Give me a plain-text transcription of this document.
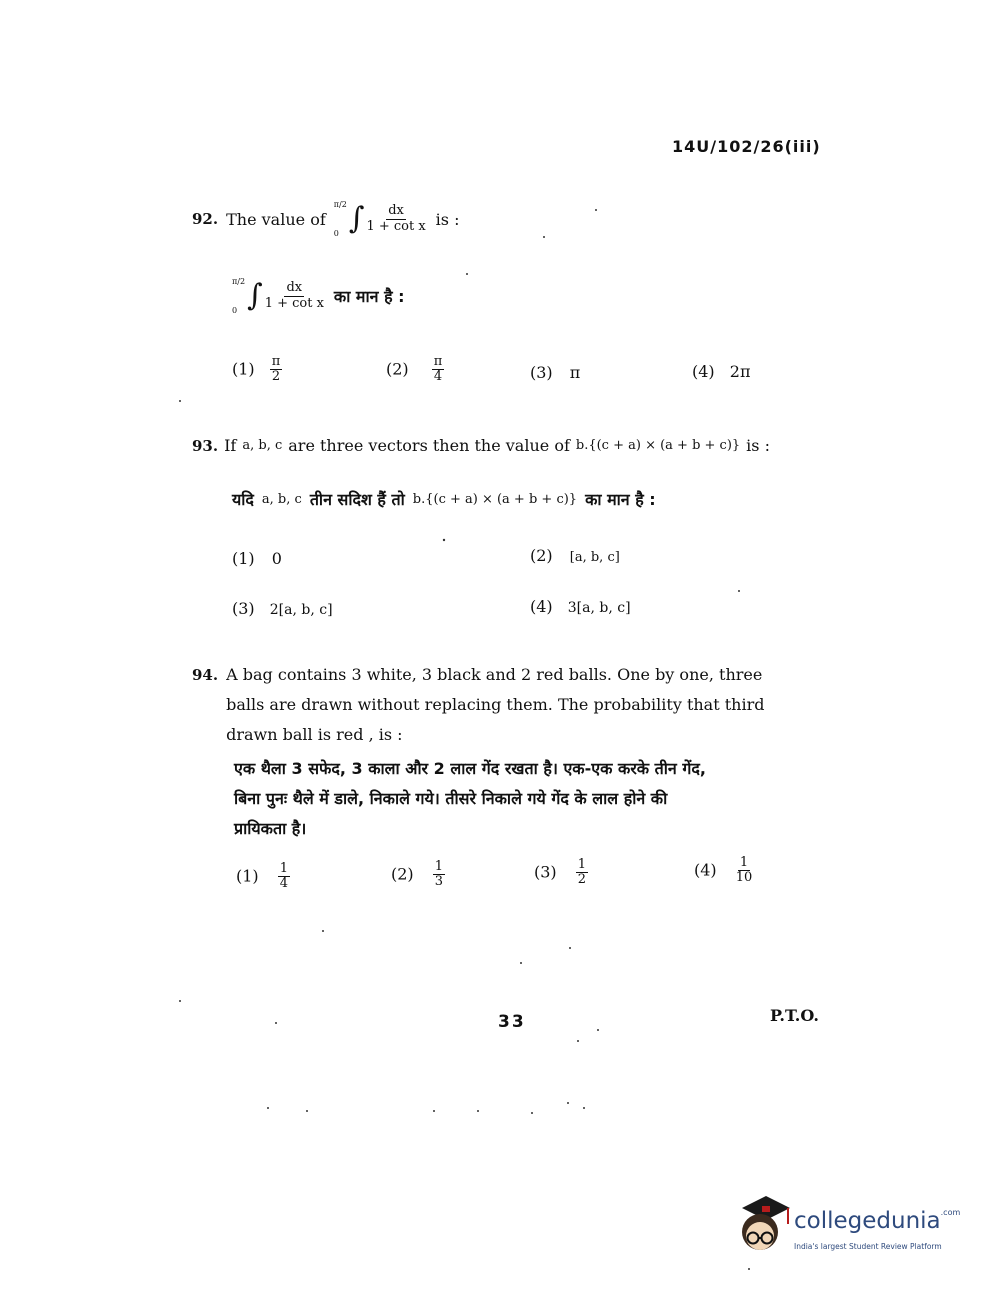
14U/102/26(iii)
92. The value of
π/2
0 ∫ $\frac{dx}{\text{1 + cot x}}$ is :
π/2
0 ∫ $\frac{dx}{\text{1 + cot x}}$ का मान है :
$(1) \frac{\pi}{2}$	$(2) \frac{\pi}{4}$	(3) π	(4) 2π
93. If a, b, c are three vectors then the value of b.{(c + a) × (a + b + c)} is :
यदि a, b, c तीन सदिश हैं तो b.{(c + a) × (a + b + c)} का मान है :
(1) 0	(2) [a, b, c]
(3) 2[a, b, c]	(4) 3[a, b, c]
94. A bag contains 3 white, 3 black and 2 red balls. One by one, three
balls are drawn without replacing them. The probability that third
drawn ball is red , is :
एक थैला 3 सफेद, 3 काला और 2 लाल गेंद रखता है। एक-एक करके तीन गेंद,
बिना पुनः थैले में डाले, निकाले गये। तीसरे निकाले गये गेंद के लाल होने की
प्रायिकता है।
$(1) \frac{1}{4}$	$(2) \frac{1}{3}$	$(3) \frac{1}{2}$	$(4) \frac{1}{10}$
33	P.T.O.
collegedunia$^{.com}$
India's largest Student Review Platform
